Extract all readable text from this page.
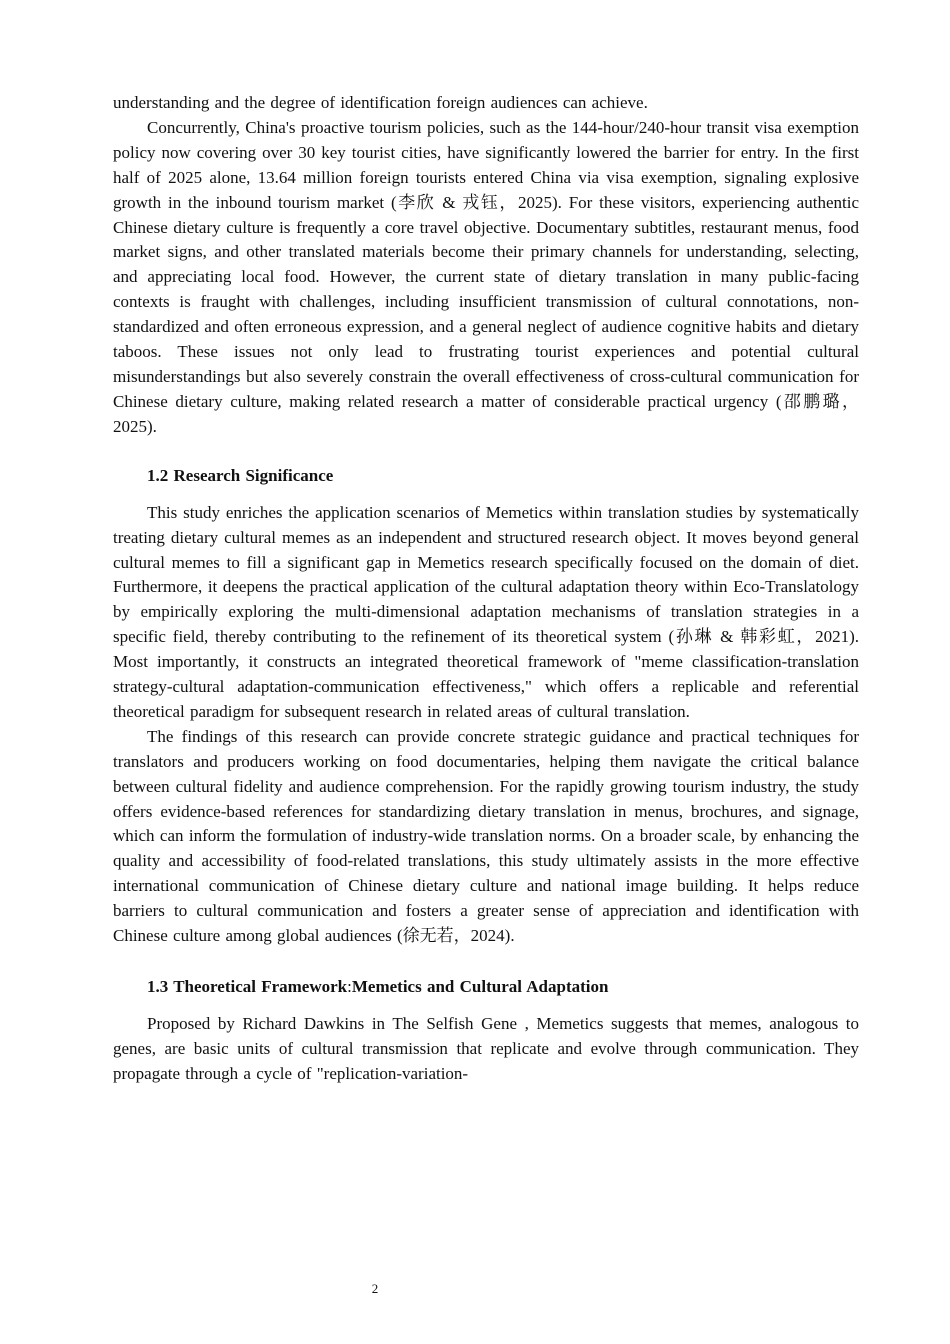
understanding and the degree of identification foreign audiences can achieve.

Concurrently, China's proactive tourism policies, such as the 144-hour/240-hour transit visa exemption policy now covering over 30 key tourist cities, have significantly lowered the barrier for entry. In the first half of 2025 alone, 13.64 million foreign tourists entered China via visa exemption, signaling explosive growth in the inbound tourism market (李欣 & 戎钰，2025). For these visitors, experiencing authentic Chinese dietary culture is frequently a core travel objective. Documentary subtitles, restaurant menus, food market signs, and other translated materials become their primary channels for understanding, selecting, and appreciating local food. However, the current state of dietary translation in many public-facing contexts is fraught with challenges, including insufficient transmission of cultural connotations, non-standardized and often erroneous expression, and a general neglect of audience cognitive habits and dietary taboos. These issues not only lead to frustrating tourist experiences and potential cultural misunderstandings but also severely constrain the overall effectiveness of cross-cultural communication for Chinese dietary culture, making related research a matter of considerable practical urgency (邵鹏璐，2025).

1.2 Research Significance

This study enriches the application scenarios of Memetics within translation studies by systematically treating dietary cultural memes as an independent and structured research object. It moves beyond general cultural memes to fill a significant gap in Memetics research specifically focused on the domain of diet. Furthermore, it deepens the practical application of the cultural adaptation theory within Eco-Translatology by empirically exploring the multi-dimensional adaptation mechanisms of translation strategies in a specific field, thereby contributing to the refinement of its theoretical system (孙琳 & 韩彩虹，2021). Most importantly, it constructs an integrated theoretical framework of "meme classification-translation strategy-cultural adaptation-communication effectiveness," which offers a replicable and referential theoretical paradigm for subsequent research in related areas of cultural translation.

The findings of this research can provide concrete strategic guidance and practical techniques for translators and producers working on food documentaries, helping them navigate the critical balance between cultural fidelity and audience comprehension. For the rapidly growing tourism industry, the study offers evidence-based references for standardizing dietary translation in menus, brochures, and signage, which can inform the formulation of industry-wide translation norms. On a broader scale, by enhancing the quality and accessibility of food-related translations, this study ultimately assists in the more effective international communication of Chinese dietary culture and national image building. It helps reduce barriers to cultural communication and fosters a greater sense of appreciation and identification with Chinese culture among global audiences (徐无若，2024).

1.3 Theoretical Framework:Memetics and Cultural Adaptation

Proposed by Richard Dawkins in The Selfish Gene , Memetics suggests that memes, analogous to genes, are basic units of cultural transmission that replicate and evolve through communication. They propagate through a cycle of "replication-variation-

2
